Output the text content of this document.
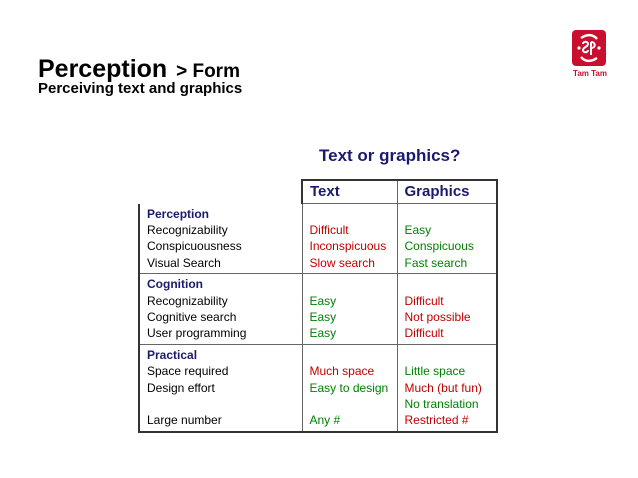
Perception > Form

Perceiving text and graphics

Tam Tam

Text or graphics?

	Text	Graphics
Perception		
Recognizability	Difficult	Easy
Conspicuousness	Inconspicuous	Conspicuous
Visual Search	Slow search	Fast search
Cognition		
Recognizability	Easy	Difficult
Cognitive search	Easy	Not possible
User programming	Easy	Difficult
Practical		
Space required	Much space	Little space
Design effort	Easy to design	Much (but fun)
		No translation
Large number	Any #	Restricted #
